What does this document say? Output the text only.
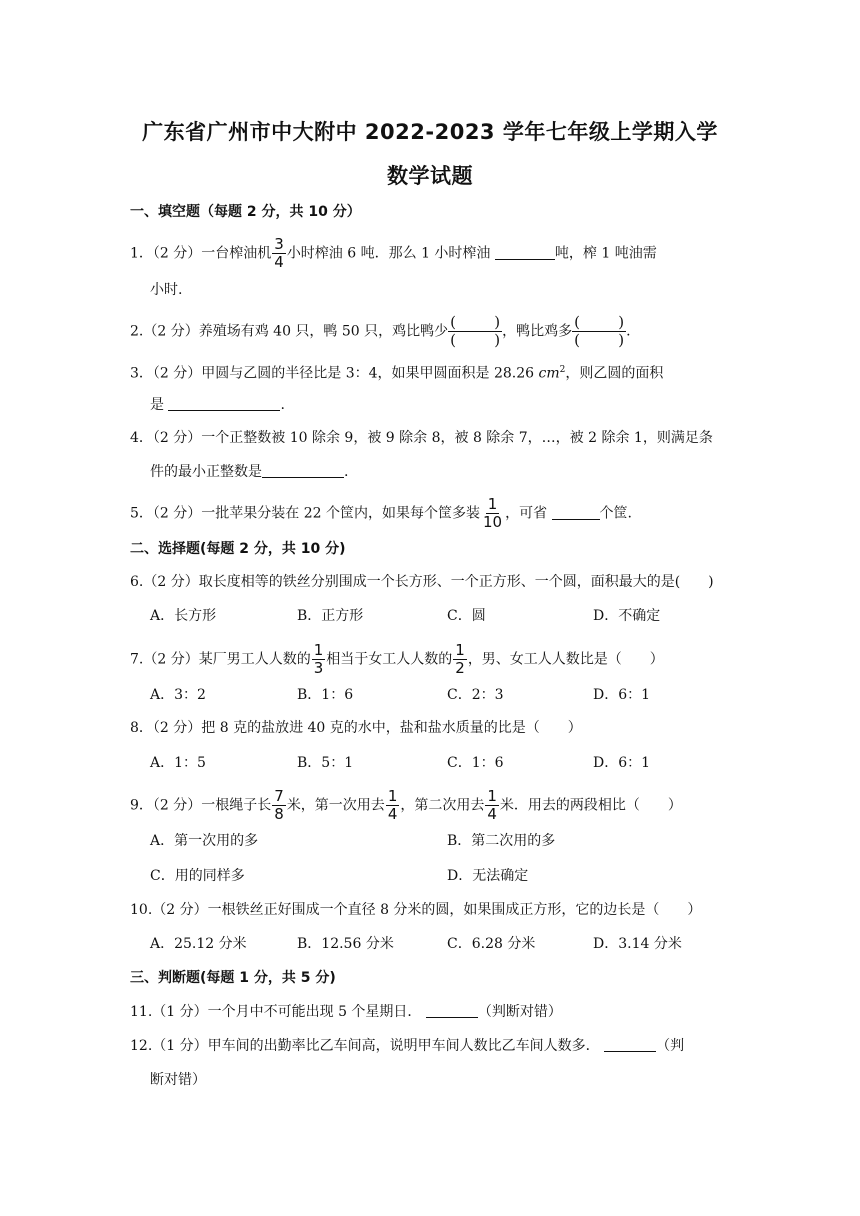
广东省广州市中大附中 2022-2023 学年七年级上学期入学
数学试题
一、填空题（每题 2 分，共 10 分）
1．（2 分）一台榨油机 $\frac{3}{4}$ 小时榨油 6 吨．那么 1 小时榨油	吨，榨 1 吨油需
小时.
2.（2 分）养殖场有鸡 40 只，鸭 50 只，鸡比鸭少 (	)
(	) ，鸭比鸡多 (	)
(	) .
3．（2 分）甲圆与乙圆的半径比是 3：4，如果甲圆面积是 28.26 $cm^2$，则乙圆的面积
是	.
4．（2 分）一个正整数被 10 除余 9，被 9 除余 8，被 8 除余 7，…，被 2 除余 1，则满足条
件的最小正整数是	.
5．（2 分）一批苹果分装在 22 个筐内，如果每个筐多装 $\frac{1}{10}$ ，可省	个筐.
二、选择题(每题 2 分，共 10 分)
6.（2 分）取长度相等的铁丝分别围成一个长方形、一个正方形、一个圆，面积最大的是(　　)
A．长方形	B．正方形	C．圆	D．不确定
7.（2 分）某厂男工人人数的 $\frac{1}{3}$ 相当于女工人人数的 $\frac{1}{2}$ ，男、女工人人数比是（　　）
A．3：2	B．1：6	C．2：3	D．6：1
8．（2 分）把 8 克的盐放进 40 克的水中，盐和盐水质量的比是（　　）
A．1：5	B．5：1	C．1：6	D．6：1
9．（2 分）一根绳子长 $\frac{7}{8}$ 米，第一次用去 $\frac{1}{4}$ ，第二次用去 $\frac{1}{4}$ 米．用去的两段相比（　　）
A．第一次用的多	B．第二次用的多
C．用的同样多	D．无法确定
10.（2 分）一根铁丝正好围成一个直径 8 分米的圆，如果围成正方形，它的边长是（　　）
A．25.12 分米	B．12.56 分米	C．6.28 分米	D．3.14 分米
三、判断题(每题 1 分，共 5 分)
11.（1 分）一个月中不可能出现 5 个星期日．	（判断对错）
12.（1 分）甲车间的出勤率比乙车间高，说明甲车间人数比乙车间人数多．	（判
断对错）
